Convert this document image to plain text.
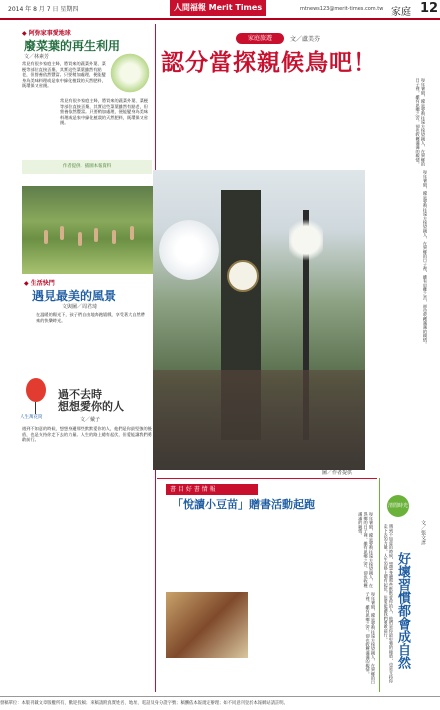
2014 年 8 月 7 日 星期四	人間福報 Merit Times	mtnews123@merit-times.com.tw 家庭 12
◆ 阿弥家事愛地球
廢菜葉的再生利用
文／林素芳
常見有很多家庭主婦，將買來的蔬菜外葉、菜梗等部位直接丟棄，其實這些菜葉雖然有點老，但營養依然豐富。只要稍加處理，便能變身為美味料理或是家中綠化植栽的天然肥料，既環保又省錢。
常見有很多家庭主婦，將買來的蔬菜外葉、菜梗等部位直接丟棄，其實這些菜葉雖然有點老，但營養依然豐富。只要稍加處理，便能變身為美味料理或是家中綠化植栽的天然肥料，既環保又省錢。
作者提供．插圖本報資料
◆ 生活快門
遇見最美的風景
文與圖／周君琦
在溫暖的陽光下，孩子們自由地奔跑嬉戲，享受著大自然帶來的快樂時光。
人生萬花筒
過不去時
想想愛你的人
文／戴子
遇到不如意的時候，想想身邊那些默默愛你的人，他們是你最堅強的後盾，也是支持你走下去的力量。人生的路上總有起伏，但愛能讓我們勇敢前行。
家庭旅遊	文／盧美芬
認分當探親候鳥吧！
每年暑假，總是要飛往遠方探望親人，在異鄉的日子裡，雖有思鄉之苦，卻也收穫滿滿的親情。
圖／作者提供
每年暑假，總是要飛往遠方探望親人，在異鄉的日子裡，雖有思鄉之苦，卻也收穫滿滿的親情。
書 目 好 書 情 報
「悅讀小豆苗」贈書活動起跑
每年暑假，總是要飛往遠方探望親人，在異鄉的日子裡，雖有思鄉之苦，卻也收穫滿滿的親情。
每年暑假，總是要飛往遠方探望親人，在異鄉的日子裡，雖有思鄉之苦，卻也收穫滿滿的親情。
清閒時光
文／張文彥
好壞習慣都會成自然
遇到不如意的時候，想想身邊那些默默愛你的人，他們是你最堅強的後盾，也是支持你走下去的力量。人生的路上總有起伏，但愛能讓我們勇敢前行。
發稿單位：本版刊載文章版權所有，歡迎投稿；來稿請附真實姓名、地址、電話及身分證字號；稿酬依本報規定辦理；如不同意刊登於本報網站請註明。
